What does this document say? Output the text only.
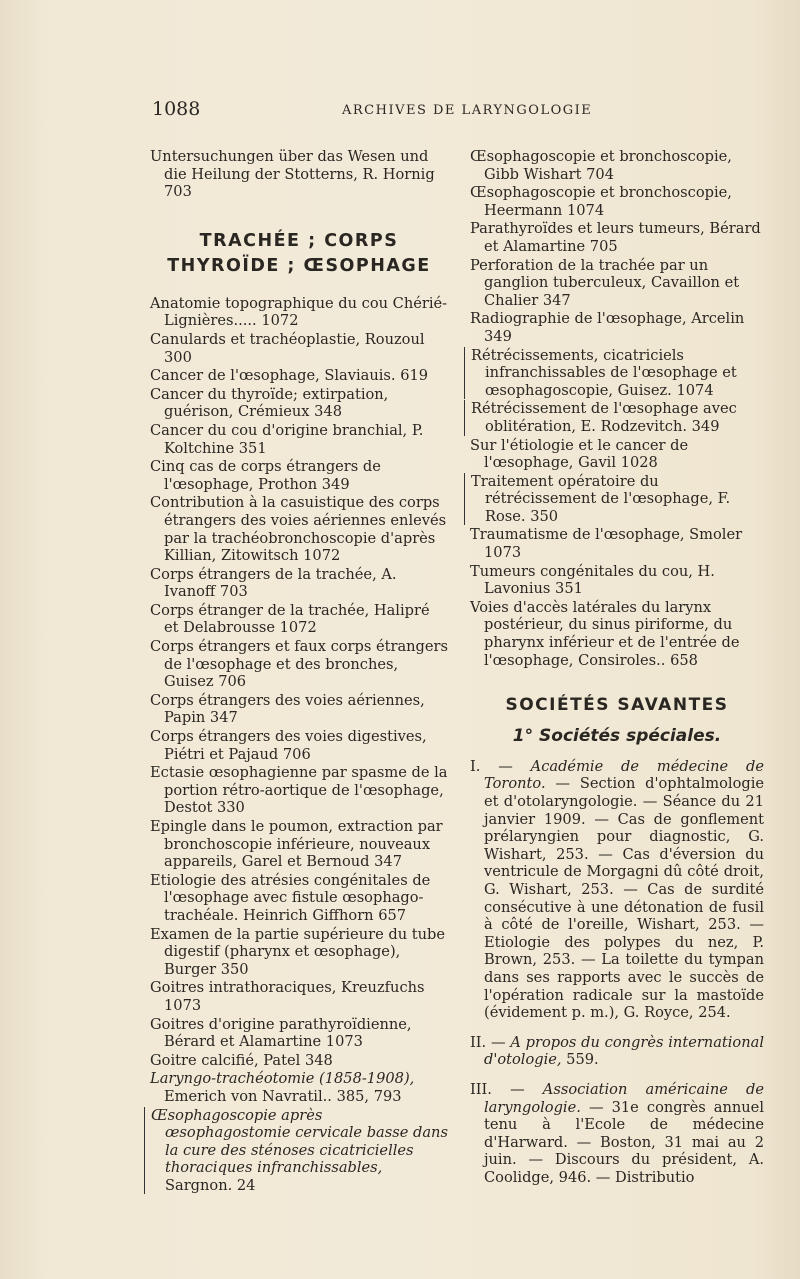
1088	ARCHIVES DE LARYNGOLOGIE
Untersuchungen über das Wesen und die Heilung der Stotterns, R. Hornig 703
TRACHÉE ; CORPS
THYROÏDE ; ŒSOPHAGE
Anatomie topographique du cou Chérié-Lignières..... 1072
Canulards et trachéoplastie, Rouzoul 300
Cancer de l'œsophage, Slaviauis. 619
Cancer du thyroïde; extirpation, guérison, Crémieux 348
Cancer du cou d'origine branchial, P. Koltchine 351
Cinq cas de corps étrangers de l'œsophage, Prothon 349
Contribution à la casuistique des corps étrangers des voies aériennes enlevés par la trachéobronchoscopie d'après Killian, Zitowitsch 1072
Corps étrangers de la trachée, A. Ivanoff 703
Corps étranger de la trachée, Halipré et Delabrousse 1072
Corps étrangers et faux corps étrangers de l'œsophage et des bronches, Guisez 706
Corps étrangers des voies aériennes, Papin 347
Corps étrangers des voies digestives, Piétri et Pajaud 706
Ectasie œsophagienne par spasme de la portion rétro-aortique de l'œsophage, Destot 330
Epingle dans le poumon, extraction par bronchoscopie inférieure, nouveaux appareils, Garel et Bernoud 347
Etiologie des atrésies congénitales de l'œsophage avec fistule œsophago-trachéale. Heinrich Giffhorn 657
Examen de la partie supérieure du tube digestif (pharynx et œsophage), Burger 350
Goitres intrathoraciques, Kreuzfuchs 1073
Goitres d'origine parathyroïdienne, Bérard et Alamartine 1073
Goitre calcifié, Patel 348
Laryngo-trachéotomie (1858-1908), Emerich von Navratil.. 385, 793
Œsophagoscopie après œsophagostomie cervicale basse dans la cure des sténoses cicatricielles thoraciques infranchissables, Sargnon. 24
Œsophagoscopie et bronchoscopie, Gibb Wishart 704
Œsophagoscopie et bronchoscopie, Heermann 1074
Parathyroïdes et leurs tumeurs, Bérard et Alamartine 705
Perforation de la trachée par un ganglion tuberculeux, Cavaillon et Chalier 347
Radiographie de l'œsophage, Arcelin 349
Rétrécissements, cicatriciels infranchissables de l'œsophage et œsophagoscopie, Guisez. 1074
Rétrécissement de l'œsophage avec oblitération, E. Rodzevitch. 349
Sur l'étiologie et le cancer de l'œsophage, Gavil 1028
Traitement opératoire du rétrécissement de l'œsophage, F. Rose. 350
Traumatisme de l'œsophage, Smoler 1073
Tumeurs congénitales du cou, H. Lavonius 351
Voies d'accès latérales du larynx postérieur, du sinus piriforme, du pharynx inférieur et de l'entrée de l'œsophage, Consiroles.. 658
SOCIÉTÉS SAVANTES
1° Sociétés spéciales.
I. — Académie de médecine de Toronto. — Section d'ophtalmologie et d'otolaryngologie. — Séance du 21 janvier 1909. — Cas de gonflement prélaryngien pour diagnostic, G. Wishart, 253. — Cas d'éversion du ventricule de Morgagni dû côté droit, G. Wishart, 253. — Cas de surdité consécutive à une détonation de fusil à côté de l'oreille, Wishart, 253. — Etiologie des polypes du nez, P. Brown, 253. — La toilette du tympan dans ses rapports avec le succès de l'opération radicale sur la mastoïde (évidement p. m.), G. Royce, 254.
II. — A propos du congrès international d'otologie, 559.
III. — Association américaine de laryngologie. — 31e congrès annuel tenu à l'Ecole de médecine d'Harward. — Boston, 31 mai au 2 juin. — Discours du président, A. Coolidge, 946. — Distributio
